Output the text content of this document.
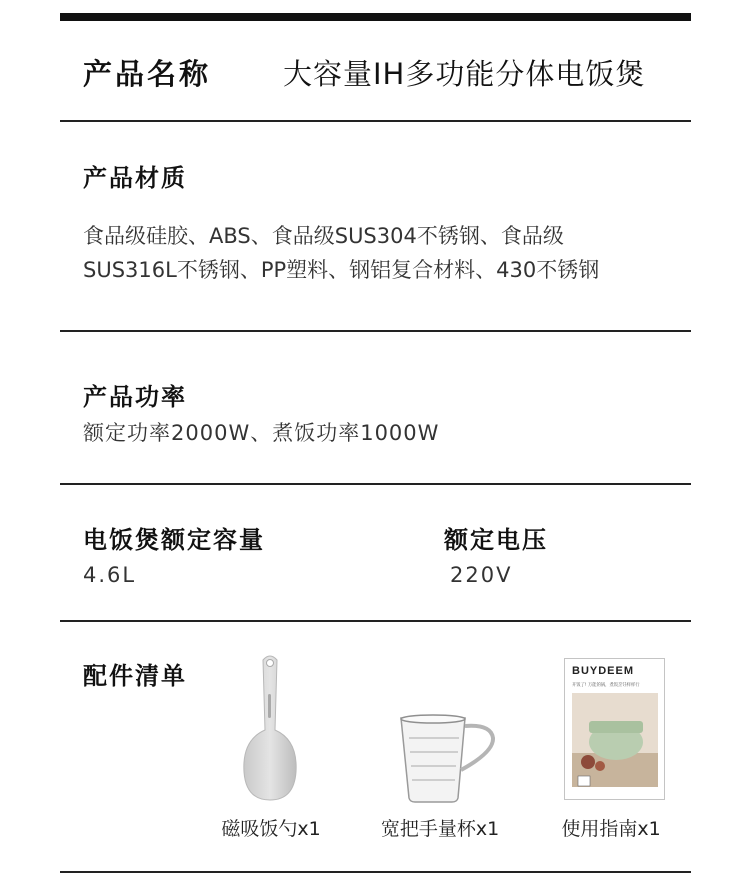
产品名称 大容量IH多功能分体电饭煲
产品材质
食品级硅胶、ABS、食品级SUS304不锈钢、食品级
SUS316L不锈钢、PP塑料、钢铝复合材料、430不锈钢
产品功率
额定功率2000W、煮饭功率1000W
电饭煲额定容量
4.6L
额定电压
220V
配件清单	BUYDEEM
开饭了! 万能的锅，煮饭烹饪样样行
磁吸饭勺x1	宽把手量杯x1	使用指南x1
